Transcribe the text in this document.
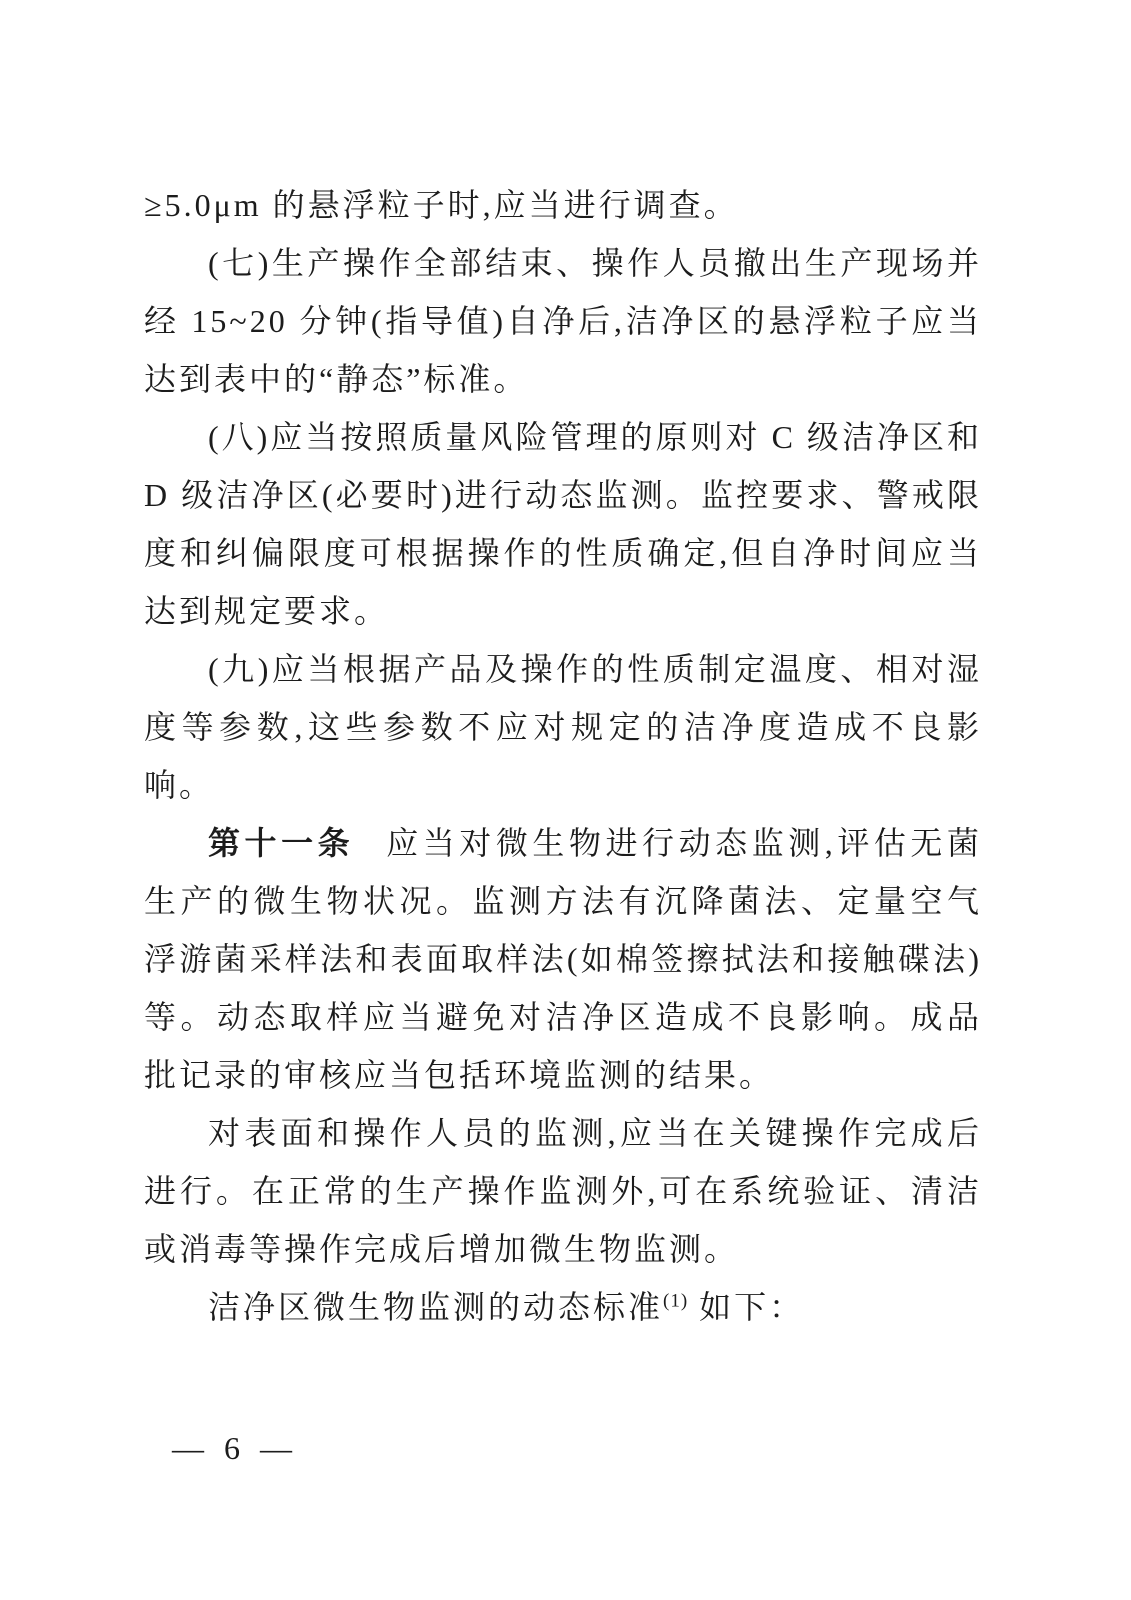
≥5.0μm 的悬浮粒子时,应当进行调查。

(七)生产操作全部结束、操作人员撤出生产现场并经 15~20 分钟(指导值)自净后,洁净区的悬浮粒子应当达到表中的“静态”标准。

(八)应当按照质量风险管理的原则对 C 级洁净区和 D 级洁净区(必要时)进行动态监测。监控要求、警戒限度和纠偏限度可根据操作的性质确定,但自净时间应当达到规定要求。

(九)应当根据产品及操作的性质制定温度、相对湿度等参数,这些参数不应对规定的洁净度造成不良影响。

第十一条 应当对微生物进行动态监测,评估无菌生产的微生物状况。监测方法有沉降菌法、定量空气浮游菌采样法和表面取样法(如棉签擦拭法和接触碟法)等。动态取样应当避免对洁净区造成不良影响。成品批记录的审核应当包括环境监测的结果。

对表面和操作人员的监测,应当在关键操作完成后进行。在正常的生产操作监测外,可在系统验证、清洁或消毒等操作完成后增加微生物监测。

洁净区微生物监测的动态标准$^{(1)}$ 如下：

— 6 —
